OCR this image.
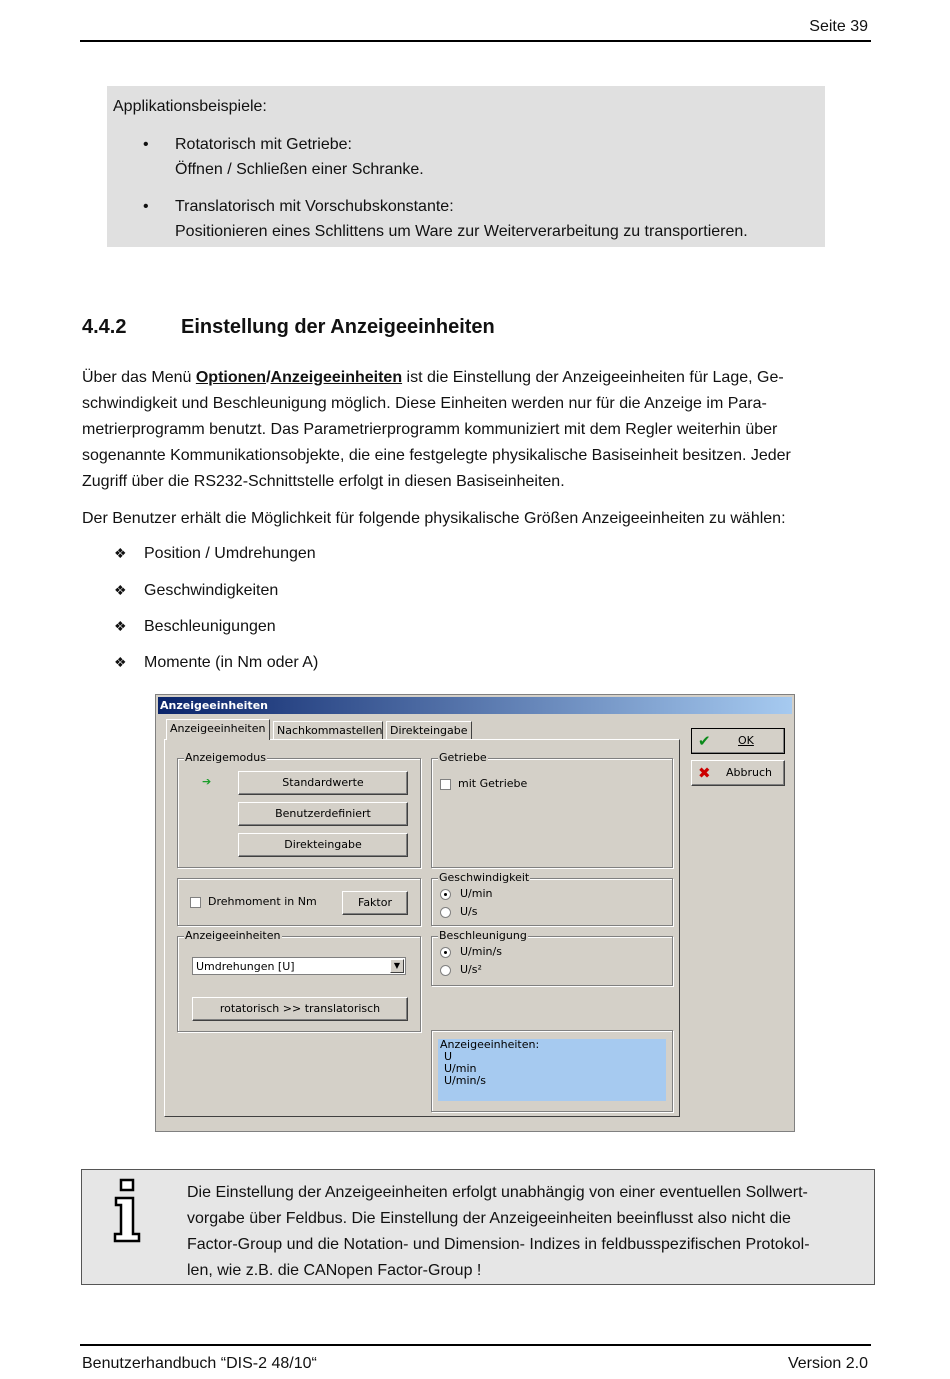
Seite 39
Applikationsbeispiele:
• Rotatorisch mit Getriebe:
Öffnen / Schließen einer Schranke.
• Translatorisch mit Vorschubskonstante:
Positionieren eines Schlittens um Ware zur Weiterverarbeitung zu transportieren.
4.4.2	Einstellung der Anzeigeeinheiten
Über das Menü Optionen/Anzeigeeinheiten ist die Einstellung der Anzeigeeinheiten für Lage, Ge-
schwindigkeit und Beschleunigung möglich. Diese Einheiten werden nur für die Anzeige im Para-
metrierprogramm benutzt. Das Parametrierprogramm kommuniziert mit dem Regler weiterhin über
sogenannte Kommunikationsobjekte, die eine festgelegte physikalische Basiseinheit besitzen. Jeder
Zugriff über die RS232-Schnittstelle erfolgt in diesen Basiseinheiten.
Der Benutzer erhält die Möglichkeit für folgende physikalische Größen Anzeigeeinheiten zu wählen:
❖ Position / Umdrehungen
❖ Geschwindigkeiten
❖ Beschleunigungen
❖ Momente (in Nm oder A)
Anzeigeeinheiten
Anzeigeeinheiten	Nachkommastellen Direkteingabe
Anzeigemodus
➔	Standardwerte
Benutzerdefiniert
Direkteingabe
Getriebe
mit Getriebe
Drehmoment in Nm	Faktor
Geschwindigkeit
U/min
U/s
Anzeigeeinheiten
Umdrehungen [U]	▼
rotatorisch >> translatorisch
Beschleunigung
U/min/s
U/s²
Anzeigeeinheiten:
U
U/min
U/min/s
✔ OK
✖ Abbruch
Die Einstellung der Anzeigeeinheiten erfolgt unabhängig von einer eventuellen Sollwert-
vorgabe über Feldbus. Die Einstellung der Anzeigeeinheiten beeinflusst also nicht die
Factor-Group und die Notation- und Dimension- Indizes in feldbusspezifischen Protokol-
len, wie z.B. die CANopen Factor-Group !
Benutzerhandbuch “DIS-2 48/10“	Version 2.0
